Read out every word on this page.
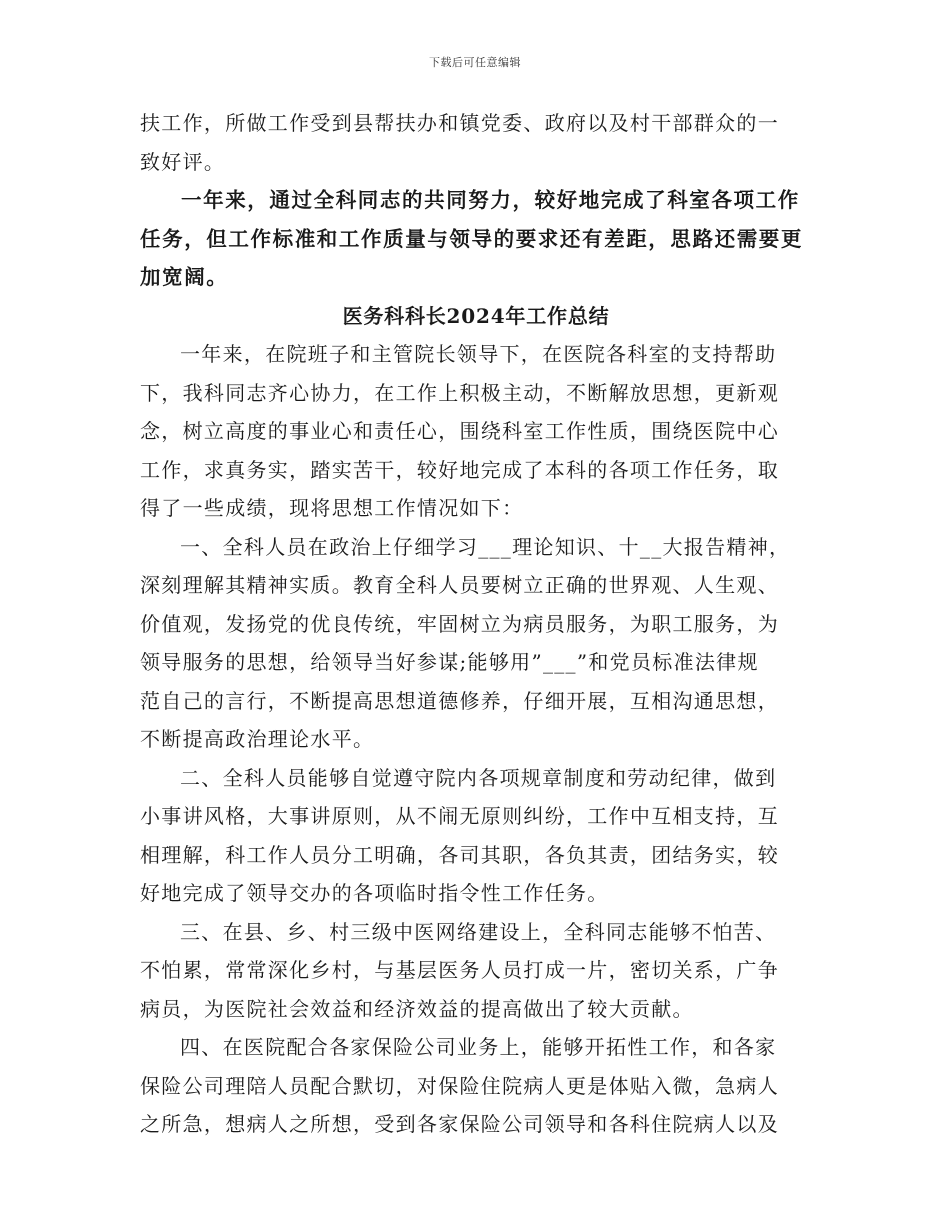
下载后可任意编辑

扶工作，所做工作受到县帮扶办和镇党委、政府以及村干部群众的一
致好评。

一年来，通过全科同志的共同努力，较好地完成了科室各项工作
任务，但工作标准和工作质量与领导的要求还有差距，思路还需要更
加宽阔。

医务科科长2024年工作总结

一年来，在院班子和主管院长领导下，在医院各科室的支持帮助
下，我科同志齐心协力，在工作上积极主动，不断解放思想，更新观
念，树立高度的事业心和责任心，围绕科室工作性质，围绕医院中心
工作，求真务实，踏实苦干，较好地完成了本科的各项工作任务，取
得了一些成绩，现将思想工作情况如下：

一、全科人员在政治上仔细学习___理论知识、十__大报告精神，
深刻理解其精神实质。教育全科人员要树立正确的世界观、人生观、
价值观，发扬党的优良传统，牢固树立为病员服务，为职工服务，为
领导服务的思想，给领导当好参谋;能够用”___”和党员标准法律规
范自己的言行，不断提高思想道德修养，仔细开展，互相沟通思想，
不断提高政治理论水平。

二、全科人员能够自觉遵守院内各项规章制度和劳动纪律，做到
小事讲风格，大事讲原则，从不闹无原则纠纷，工作中互相支持，互
相理解，科工作人员分工明确，各司其职，各负其责，团结务实，较
好地完成了领导交办的各项临时指令性工作任务。

三、在县、乡、村三级中医网络建设上，全科同志能够不怕苦、
不怕累，常常深化乡村，与基层医务人员打成一片，密切关系，广争
病员，为医院社会效益和经济效益的提高做出了较大贡献。

四、在医院配合各家保险公司业务上，能够开拓性工作，和各家
保险公司理陪人员配合默切，对保险住院病人更是体贴入微，急病人
之所急，想病人之所想，受到各家保险公司领导和各科住院病人以及
